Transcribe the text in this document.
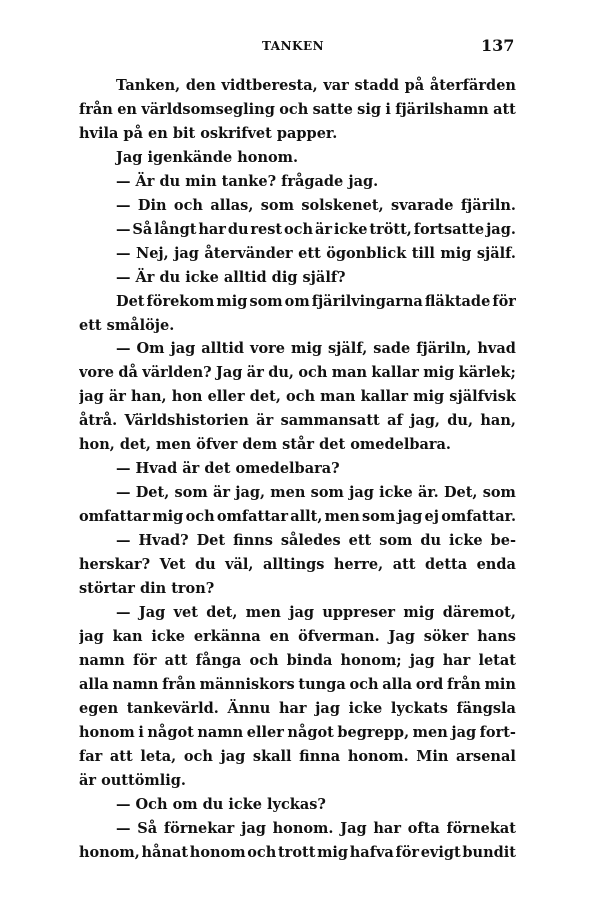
TANKEN	137
Tanken, den vidtberesta, var stadd på återfärden
från en världsomsegling och satte sig i fjärilshamn att
hvila på en bit oskrifvet papper.
Jag igenkände honom.
— Är du min tanke? frågade jag.
— Din och allas, som solskenet, svarade fjäriln.
— Så långt har du rest och är icke trött, fortsatte jag.
— Nej, jag återvänder ett ögonblick till mig själf.
— Är du icke alltid dig själf?
Det förekom mig som om fjärilvingarna fläktade för
ett smålöje.
— Om jag alltid vore mig själf, sade fjäriln, hvad
vore då världen? Jag är du, och man kallar mig kärlek;
jag är han, hon eller det, och man kallar mig själfvisk
åtrå. Världshistorien är sammansatt af jag, du, han,
hon, det, men öfver dem står det omedelbara.
— Hvad är det omedelbara?
— Det, som är jag, men som jag icke är. Det, som
omfattar mig och omfattar allt, men som jag ej omfattar.
— Hvad? Det finns således ett som du icke be-
herskar? Vet du väl, alltings herre, att detta enda
störtar din tron?
— Jag vet det, men jag uppreser mig däremot,
jag kan icke erkänna en öfverman. Jag söker hans
namn för att fånga och binda honom; jag har letat
alla namn från människors tunga och alla ord från min
egen tankevärld. Ännu har jag icke lyckats fängsla
honom i något namn eller något begrepp, men jag fort-
far att leta, och jag skall finna honom. Min arsenal
är outtömlig.
— Och om du icke lyckas?
— Så förnekar jag honom. Jag har ofta förnekat
honom, hånat honom och trott mig hafva för evigt bundit
